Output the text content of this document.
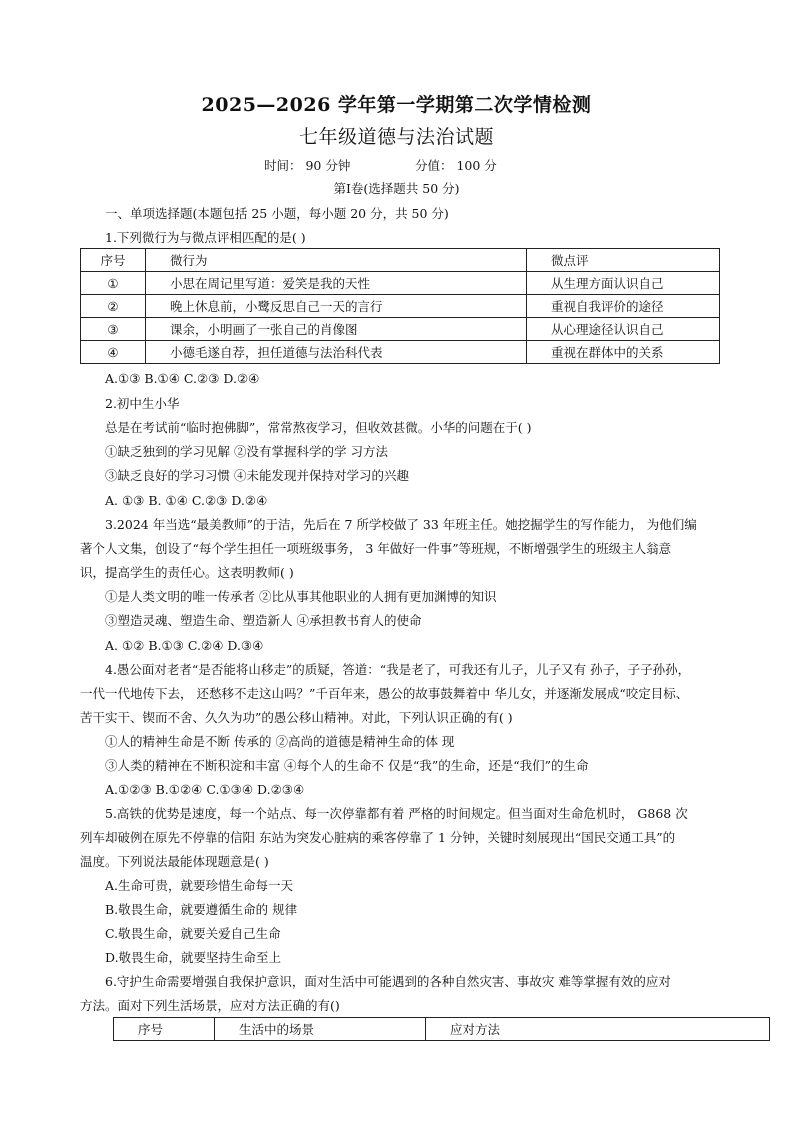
2025—2026 学年第一学期第二次学情检测
七年级道德与法治试题
时间： 90 分钟	分值： 100 分
第Ⅰ卷(选择题共 50 分)
一、单项选择题(本题包括 25 小题，每小题 20 分，共 50 分)
1.下列微行为与微点评相匹配的是( )
序号	微行为	微点评
①	小思在周记里写道：爱笑是我的天性	从生理方面认识自己
②	晚上休息前，小鹭反思自己一天的言行	重视自我评价的途径
③	课余，小明画了一张自己的肖像图	从心理途径认识自己
④	小德毛遂自荐，担任道德与法治科代表	重视在群体中的关系
A.①③ B.①④ C.②③ D.②④
2.初中生小华
总是在考试前“临时抱佛脚”，常常熬夜学习，但收效甚微。小华的问题在于( )
①缺乏独到的学习见解 ②没有掌握科学的学 习方法
③缺乏良好的学习习惯 ④未能发现并保持对学习的兴趣
A. ①③ B. ①④ C.②③ D.②④
3.2024 年当选“最美教师”的于洁，先后在 7 所学校做了 33 年班主任。她挖掘学生的写作能力， 为他们编
著个人文集，创设了“每个学生担任一项班级事务， 3 年做好一件事”等班规，不断增强学生的班级主人翁意
识，提高学生的责任心。这表明教师( )
①是人类文明的唯一传承者 ②比从事其他职业的人拥有更加渊博的知识
③塑造灵魂、塑造生命、塑造新人 ④承担教书育人的使命
A. ①② B.①③ C.②④ D.③④
4.愚公面对老者“是否能将山移走”的质疑，答道：“我是老了，可我还有儿子，儿子又有 孙子，子子孙孙，
一代一代地传下去， 还愁移不走这山吗？”千百年来，愚公的故事鼓舞着中 华儿女，并逐渐发展成“咬定目标、
苦干实干、锲而不舍、久久为功”的愚公移山精神。对此，下列认识正确的有( )
①人的精神生命是不断 传承的 ②高尚的道德是精神生命的体 现
③人类的精神在不断积淀和丰富 ④每个人的生命不 仅是“我”的生命，还是“我们”的生命
A.①②③ B.①②④ C.①③④ D.②③④
5.高铁的优势是速度，每一个站点、每一次停靠都有着 严格的时间规定。但当面对生命危机时， G868 次
列车却破例在原先不停靠的信阳 东站为突发心脏病的乘客停靠了 1 分钟，关键时刻展现出“国民交通工具”的
温度。下列说法最能体现题意是( )
A.生命可贵，就要珍惜生命每一天
B.敬畏生命，就要遵循生命的 规律
C.敬畏生命，就要关爱自己生命
D.敬畏生命，就要坚持生命至上
6.守护生命需要增强自我保护意识，面对生活中可能遇到的各种自然灾害、事故灾 难等掌握有效的应对
方法。面对下列生活场景，应对方法正确的有()
序号	生活中的场景	应对方法
